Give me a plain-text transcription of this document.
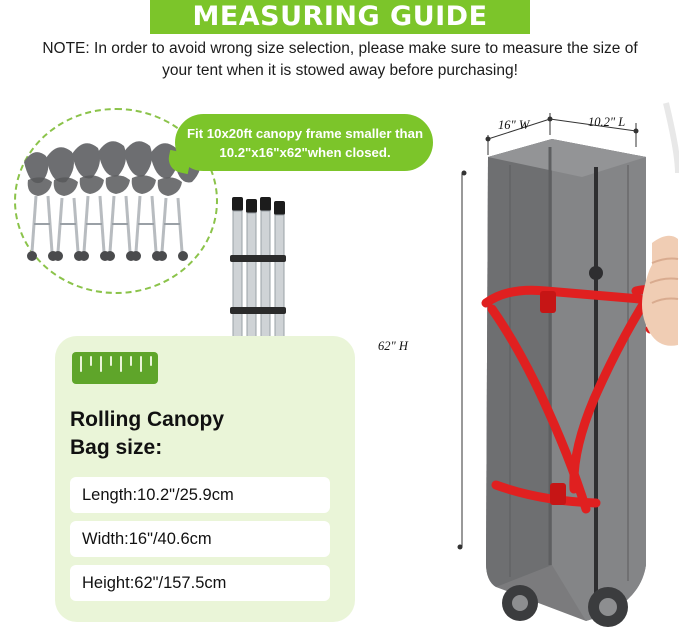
MEASURING GUIDE
NOTE: In order to avoid wrong size selection, please make sure to measure the size of your tent when it is stowed away before purchasing!
Fit 10x20ft canopy frame smaller than 10.2"x16"x62"when closed.
16" W	10.2" L
62" H
Rolling Canopy
Bag size:
Length:10.2"/25.9cm
Width:16"/40.6cm
Height:62"/157.5cm
